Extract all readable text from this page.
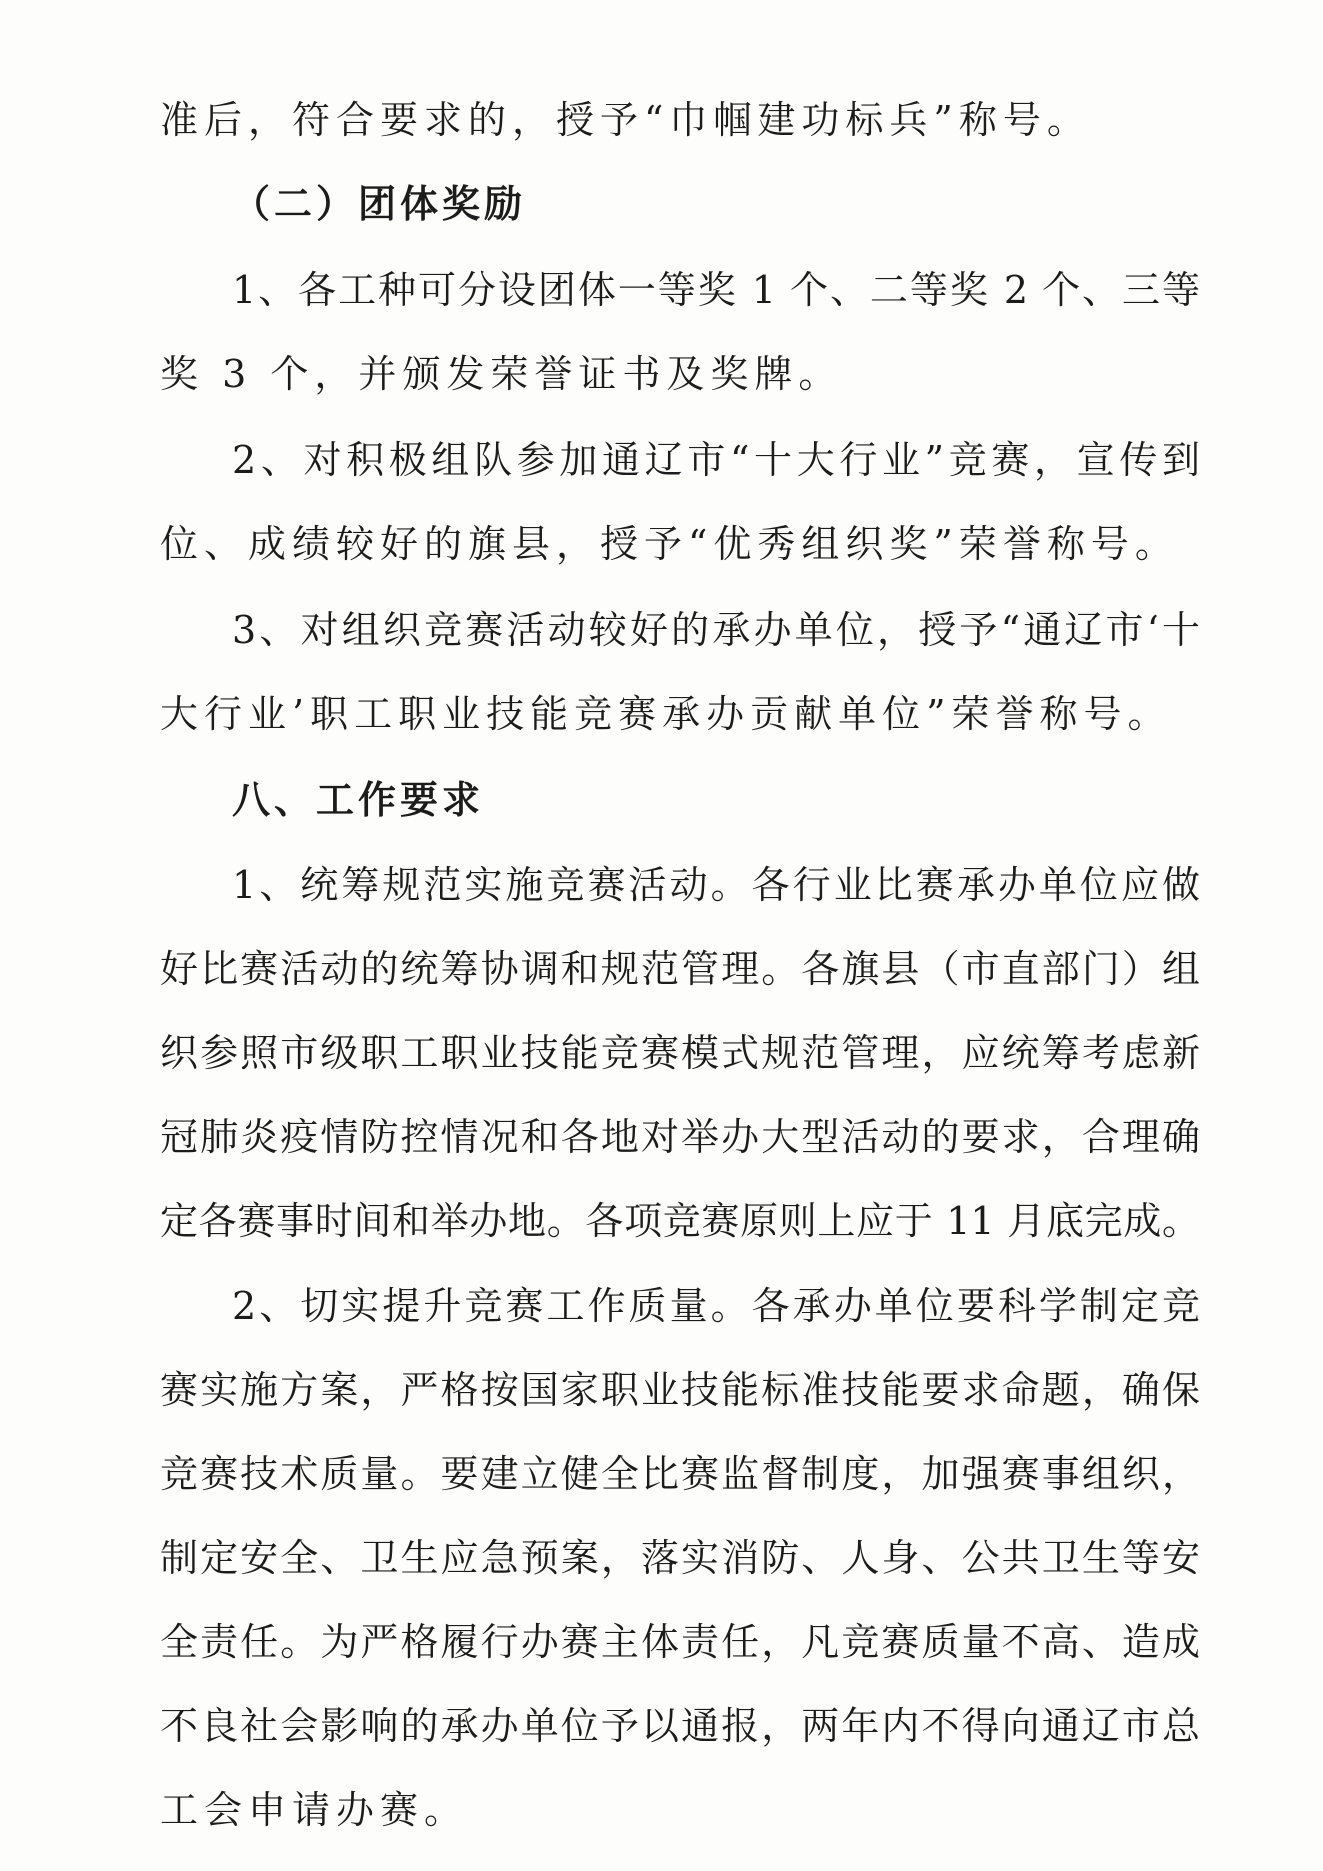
准后，符合要求的，授予“巾帼建功标兵”称号。
（二）团体奖励
1、各工种可分设团体一等奖 1 个、二等奖 2 个、三等
奖 3 个，并颁发荣誉证书及奖牌。
2、对积极组队参加通辽市“十大行业”竞赛，宣传到
位、成绩较好的旗县，授予“优秀组织奖”荣誉称号。
3、对组织竞赛活动较好的承办单位，授予“通辽市‘十
大行业’职工职业技能竞赛承办贡献单位”荣誉称号。
八、工作要求
1、统筹规范实施竞赛活动。各行业比赛承办单位应做
好比赛活动的统筹协调和规范管理。各旗县（市直部门）组
织参照市级职工职业技能竞赛模式规范管理，应统筹考虑新
冠肺炎疫情防控情况和各地对举办大型活动的要求，合理确
定各赛事时间和举办地。各项竞赛原则上应于 11 月底完成。
2、切实提升竞赛工作质量。各承办单位要科学制定竞
赛实施方案，严格按国家职业技能标准技能要求命题，确保
竞赛技术质量。要建立健全比赛监督制度，加强赛事组织，
制定安全、卫生应急预案，落实消防、人身、公共卫生等安
全责任。为严格履行办赛主体责任，凡竞赛质量不高、造成
不良社会影响的承办单位予以通报，两年内不得向通辽市总
工会申请办赛。
